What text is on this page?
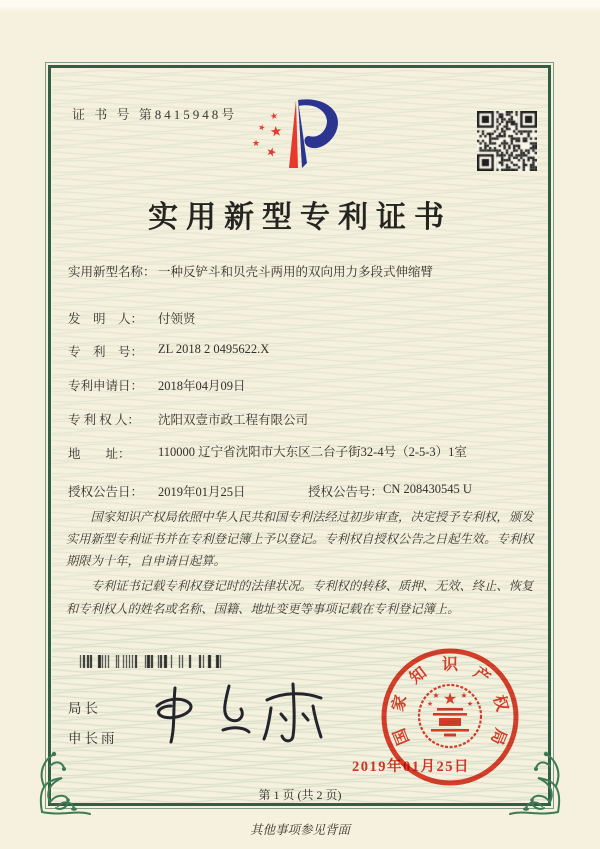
证 书 号 第8415948号	★
★ ★
★
★
实用新型专利证书
实用新型名称： 一种反铲斗和贝壳斗两用的双向用力多段式伸缩臂
发　明　人： 付领贤
专　利　号： ZL 2018 2 0495622.X
专利申请日： 2018年04月09日
专 利 权 人： 沈阳双壹市政工程有限公司
地　　址： 110000 辽宁省沈阳市大东区二台子街32-4号（2-5-3）1室
授权公告日： 2019年01月25日	授权公告号：CN 208430545 U

国家知识产权局依照中华人民共和国专利法经过初步审查，决定授予专利权，颁发实用新型专利证书并在专利登记簿上予以登记。专利权自授权公告之日起生效。专利权期限为十年，自申请日起算。

专利证书记载专利权登记时的法律状况。专利权的转移、质押、无效、终止、恢复和专利权人的姓名或名称、国籍、地址变更等事项记载在专利登记簿上。

局长
申长雨	国
家
知 识 产
权
局
★
★	★
★	★
2019年01月25日
第 1 页 (共 2 页)
其他事项参见背面
